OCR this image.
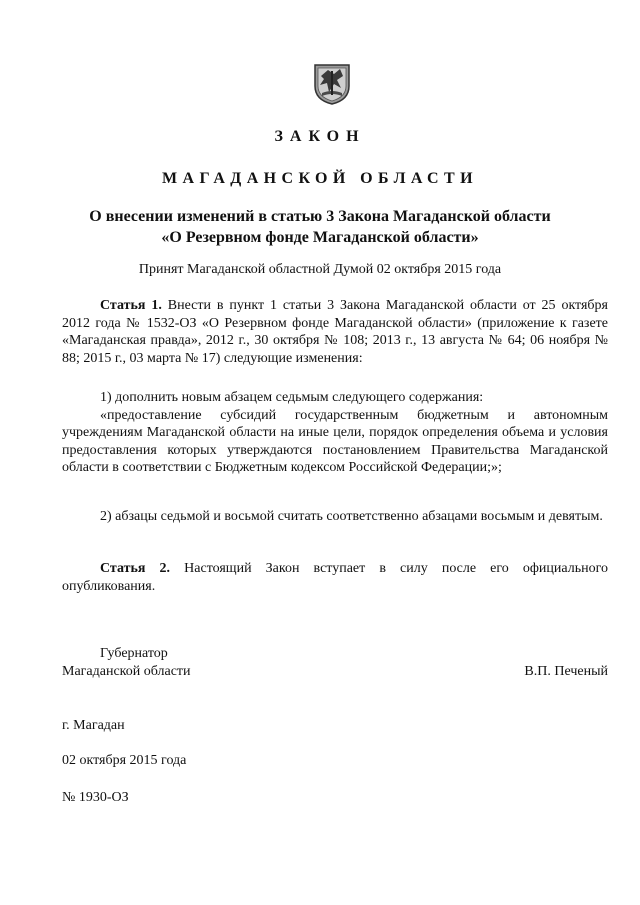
ЗАКОН
МАГАДАНСКОЙ ОБЛАСТИ
О внесении изменений в статью 3 Закона Магаданской области
«О Резервном фонде Магаданской области»
Принят Магаданской областной Думой 02 октября 2015 года

Статья 1. Внести в пункт 1 статьи 3 Закона Магаданской области от 25 октября 2012 года № 1532-ОЗ «О Резервном фонде Магаданской области» (приложение к газете «Магаданская правда», 2012 г., 30 октября № 108; 2013 г., 13 августа № 64; 06 ноября № 88; 2015 г., 03 марта № 17) следующие изменения:

1) дополнить новым абзацем седьмым следующего содержания:

«предоставление субсидий государственным бюджетным и автономным учреждениям Магаданской области на иные цели, порядок определения объема и условия предоставления которых утверждаются постановлением Правительства Магаданской области в соответствии с Бюджетным кодексом Российской Федерации;»;

2) абзацы седьмой и восьмой считать соответственно абзацами восьмым и девятым.

Статья 2. Настоящий Закон вступает в силу после его официального опубликования.

Губернатор
Магаданской области	В.П. Печеный
г. Магадан
02 октября 2015 года
№ 1930-ОЗ
